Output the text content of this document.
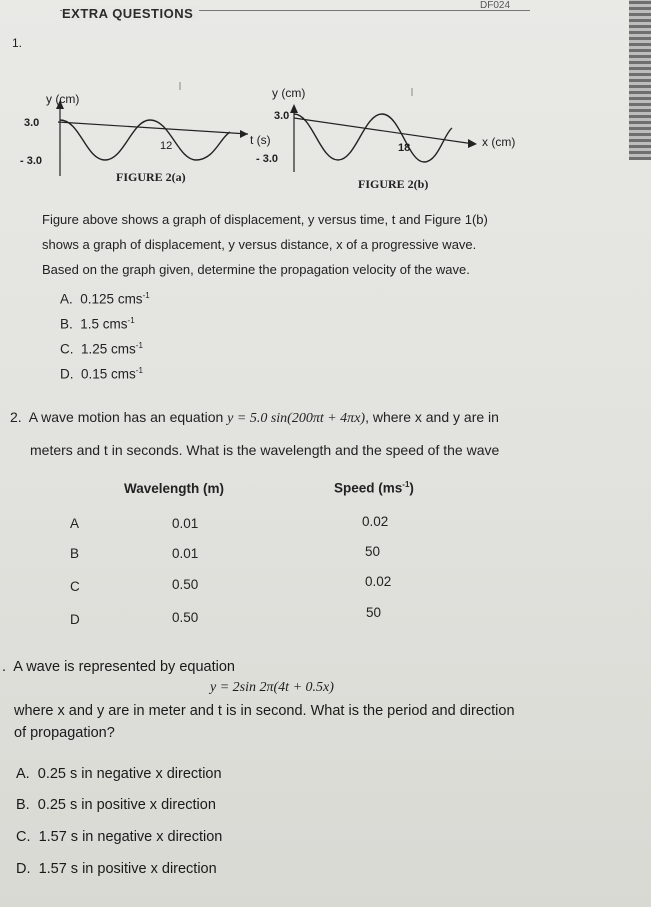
EXTRA QUESTIONS
DF024
1.
y (cm)
3.0
- 3.0
12	t (s)
FIGURE 2(a)
y (cm)
3.0
- 3.0
18	x (cm)
FIGURE 2(b)
Figure above shows a graph of displacement, y versus time, t and Figure 1(b)
shows a graph of displacement, y versus distance, x of a progressive wave.
Based on the graph given, determine the propagation velocity of the wave.
A. 0.125 cms$^{-1}$
B. 1.5 cms$^{-1}$
C. 1.25 cms$^{-1}$
D. 0.15 cms$^{-1}$
2. A wave motion has an equation y = 5.0 sin(200πt + 4πx), where x and y are in
meters and t in seconds. What is the wavelength and the speed of the wave
Wavelength (m)	Speed $(ms^{-1})$
A	0.01	0.02
B	0.01	50
C	0.50	0.02
D	0.50	50
. A wave is represented by equation
y = 2sin 2π(4t + 0.5x)
where x and y are in meter and t is in second. What is the period and direction
of propagation?
A. 0.25 s in negative x direction
B. 0.25 s in positive x direction
C. 1.57 s in negative x direction
D. 1.57 s in positive x direction
